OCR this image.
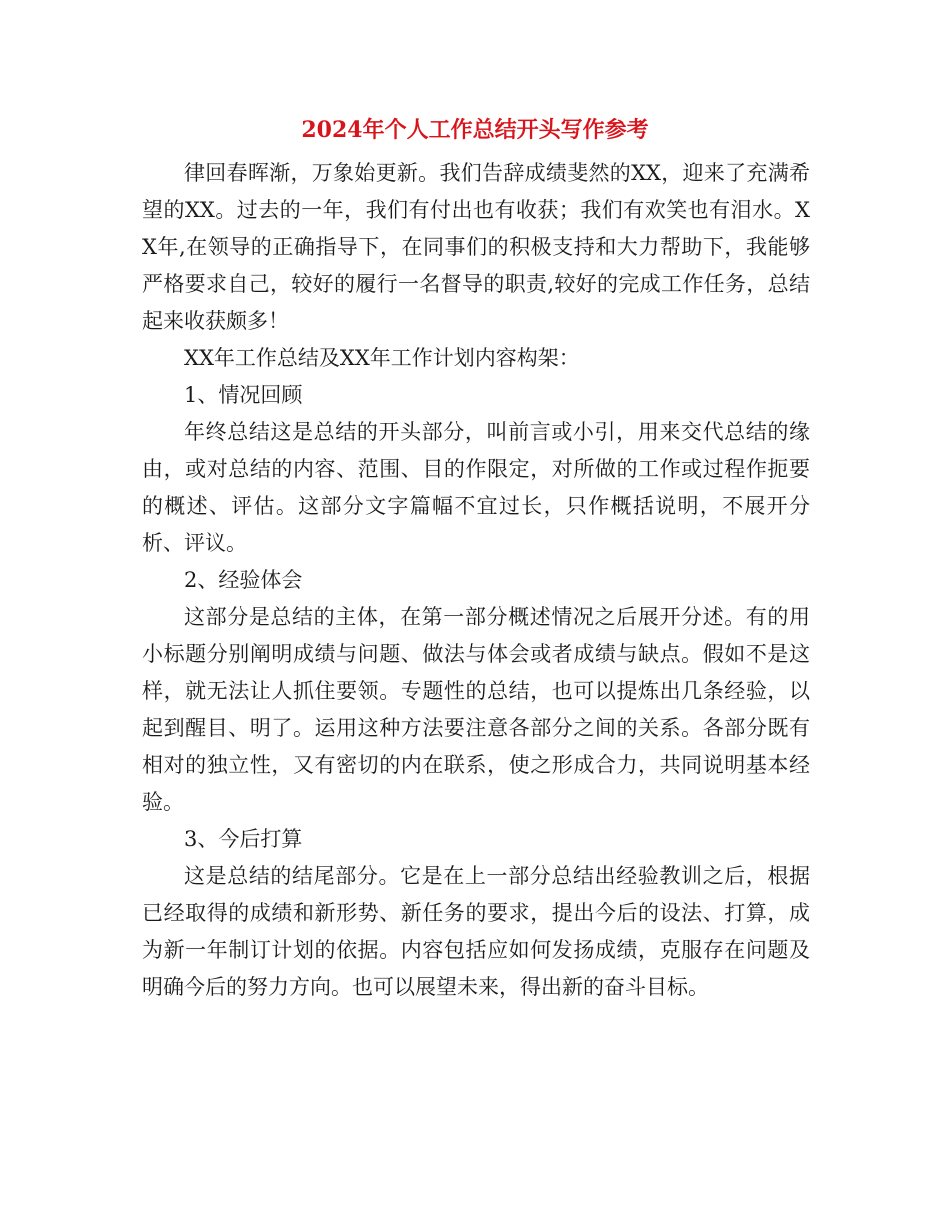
2024年个人工作总结开头写作参考

律回春晖渐，万象始更新。我们告辞成绩斐然的XX，迎来了充满希望的XX。过去的一年，我们有付出也有收获；我们有欢笑也有泪水。XX年,在领导的正确指导下，在同事们的积极支持和大力帮助下，我能够严格要求自己，较好的履行一名督导的职责,较好的完成工作任务，总结起来收获颇多！

XX年工作总结及XX年工作计划内容构架：

1、情况回顾

年终总结这是总结的开头部分，叫前言或小引，用来交代总结的缘由，或对总结的内容、范围、目的作限定，对所做的工作或过程作扼要的概述、评估。这部分文字篇幅不宜过长，只作概括说明，不展开分析、评议。

2、经验体会

这部分是总结的主体，在第一部分概述情况之后展开分述。有的用小标题分别阐明成绩与问题、做法与体会或者成绩与缺点。假如不是这样，就无法让人抓住要领。专题性的总结，也可以提炼出几条经验，以起到醒目、明了。运用这种方法要注意各部分之间的关系。各部分既有相对的独立性，又有密切的内在联系，使之形成合力，共同说明基本经验。

3、今后打算

这是总结的结尾部分。它是在上一部分总结出经验教训之后，根据已经取得的成绩和新形势、新任务的要求，提出今后的设法、打算，成为新一年制订计划的依据。内容包括应如何发扬成绩，克服存在问题及明确今后的努力方向。也可以展望未来，得出新的奋斗目标。
